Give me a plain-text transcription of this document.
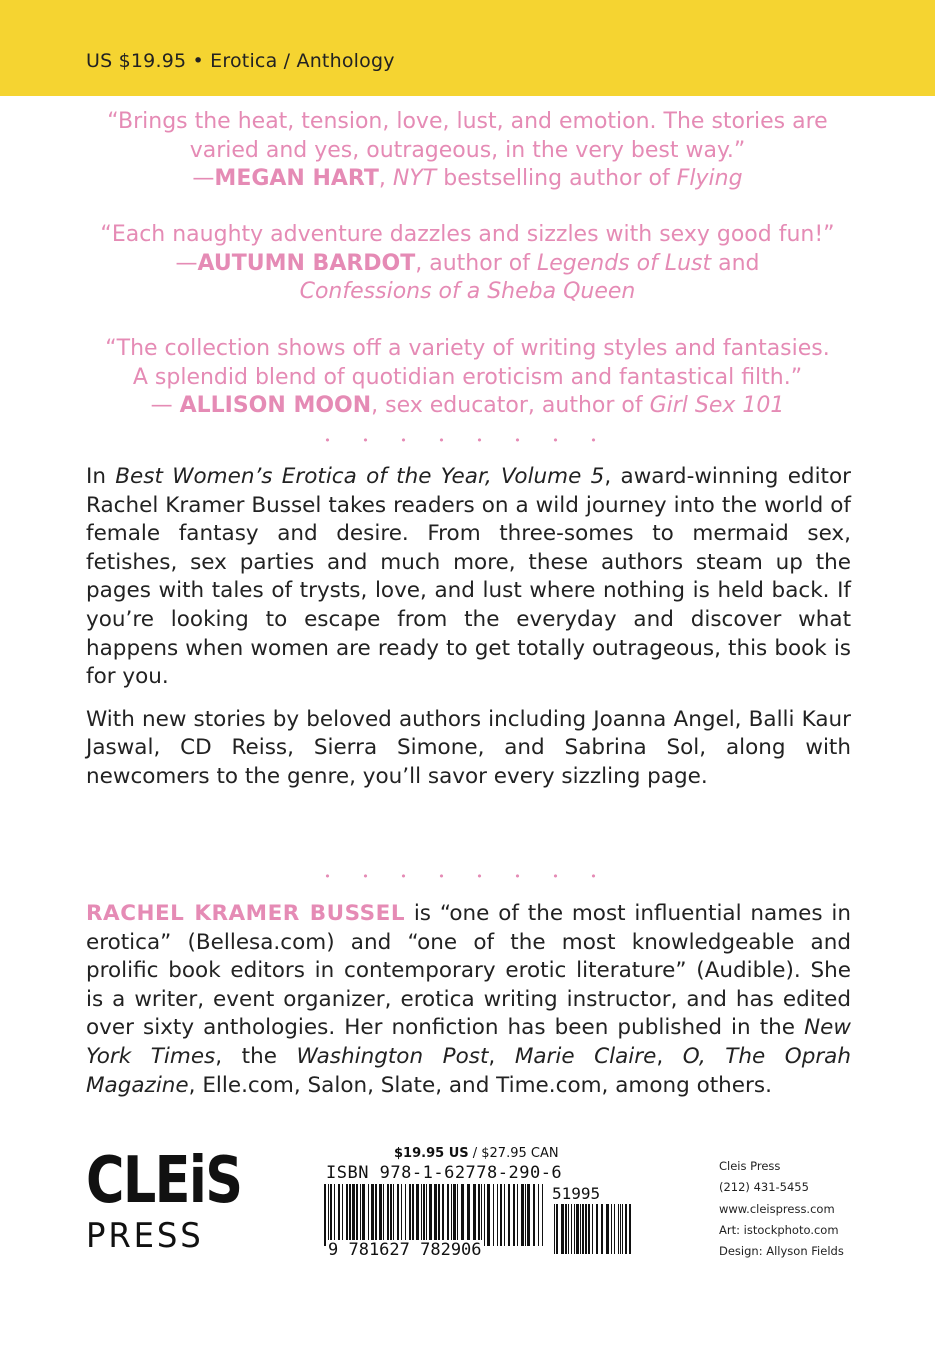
US $19.95 • Erotica / Anthology
“Brings the heat, tension, love, lust, and emotion. The stories are
varied and yes, outrageous, in the very best way.”
—MEGAN HART, NYT bestselling author of Flying
“Each naughty adventure dazzles and sizzles with sexy good fun!”
—AUTUMN BARDOT, author of Legends of Lust and
Confessions of a Sheba Queen
“The collection shows off a variety of writing styles and fantasies.
A splendid blend of quotidian eroticism and fantastical filth.”
— ALLISON MOON, sex educator, author of Girl Sex 101
• • • • • • • •

In Best Women’s Erotica of the Year, Volume 5, award-winning editor Rachel Kramer Bussel takes readers on a wild journey into the world of female fantasy and desire. From three-somes to mermaid sex, fetishes, sex parties and much more, these authors steam up the pages with tales of trysts, love, and lust where nothing is held back. If you’re looking to escape from the everyday and discover what happens when women are ready to get totally outrageous, this book is for you.

With new stories by beloved authors including Joanna Angel, Balli Kaur Jaswal, CD Reiss, Sierra Simone, and Sabrina Sol, along with newcomers to the genre, you’ll savor every sizzling page.

• • • • • • • •

RACHEL KRAMER BUSSEL is “one of the most influential names in erotica” (Bellesa.com) and “one of the most knowledgeable and prolific book editors in contemporary erotic literature” (Audible). She is a writer, event organizer, erotica writing instructor, and has edited over sixty anthologies. Her nonfiction has been published in the New York Times, the Washington Post, Marie Claire, O, The Oprah Magazine, Elle.com, Salon, Slate, and Time.com, among others.

CLEiS
PRESS
$19.95 US / $27.95 CAN
ISBN 978-1-62778-290-6
51995
9 781627 782906
Cleis Press
(212) 431-5455
www.cleispress.com
Art: istockphoto.com
Design: Allyson Fields
